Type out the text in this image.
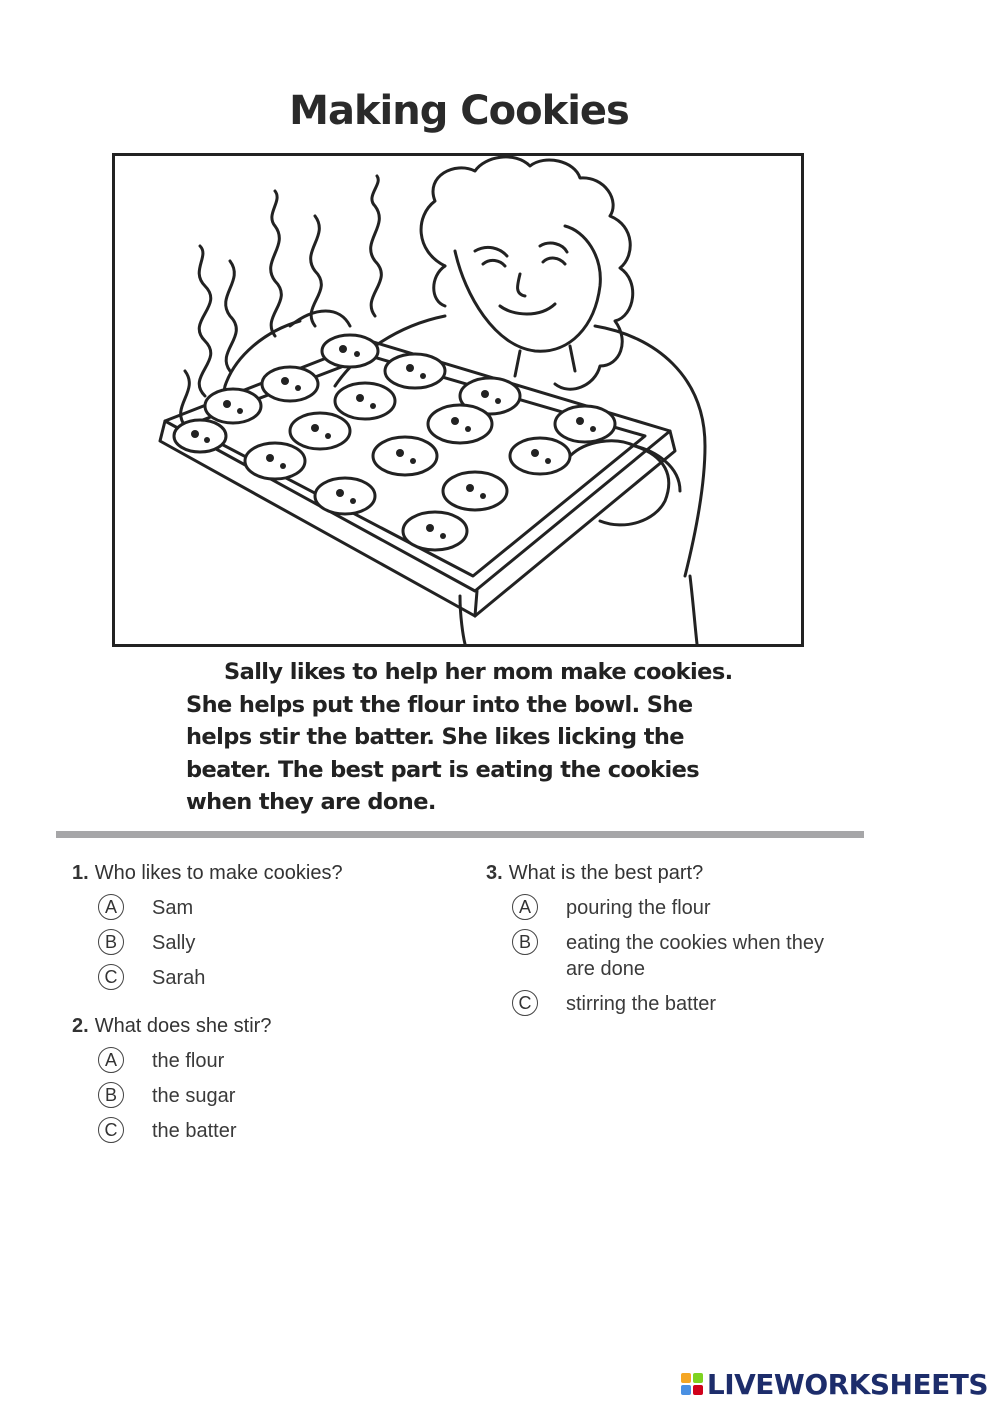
Making Cookies
Sally likes to help her mom make cookies.
She helps put the flour into the bowl. She
helps stir the batter. She likes licking the
beater. The best part is eating the cookies
when they are done.
1. Who likes to make cookies?
A	Sam
B	Sally
C	Sarah
2. What does she stir?
A	the flour
B	the sugar
C	the batter
3. What is the best part?
A	pouring the flour
B	eating the cookies when they are done
C	stirring the batter
LIVEWORKSHEETS
